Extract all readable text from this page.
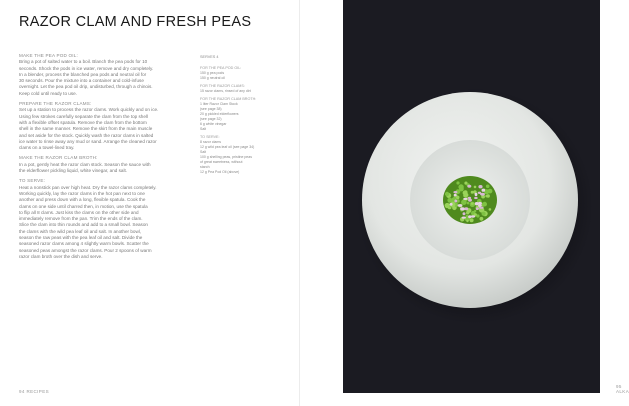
RAZOR CLAM AND FRESH PEAS
MAKE THE PEA POD OIL:
Bring a pot of salted water to a boil. Blanch the pea pods for 10
seconds. Shock the pods in ice water, remove and dry completely.
In a blender, process the blanched pea pods and neutral oil for
30 seconds. Pour the mixture into a container and cold-infuse
overnight. Let the pea pod oil drip, undisturbed, through a chinois.
Keep cold until ready to use.
PREPARE THE RAZOR CLAMS:
Set up a station to process the razor clams. Work quickly and on ice.
Using few strokes carefully separate the clam from the top shell
with a flexible offset spatula. Remove the clam from the bottom
shell in the same manner. Remove the skirt from the main muscle
and set aside for the stock. Quickly wash the razor clams in salted
ice water to rinse away any mud or sand. Arrange the cleaned razor
clams on a towel-lined tray.
MAKE THE RAZOR CLAM BROTH:
In a pot, gently heat the razor clam stock. Season the sauce with
the elderflower pickling liquid, white vinegar, and salt.
TO SERVE:
Heat a nonstick pan over high heat. Dry the razor clams completely.
Working quickly, lay the razor clams in the hot pan next to one
another and press down with a long, flexible spatula. Cook the
clams on one side until charred then, in motion, use the spatula
to flip all 8 clams. Just kiss the clams on the other side and
immediately remove from the pan. Trim the ends of the clam.
Slice the clam into thin rounds and add to a small bowl. Season
the clams with the wild pea leaf oil and salt. In another bowl,
season the raw peas with the pea leaf oil and salt. Divide the
seasoned razor clams among 4 slightly warm bowls. Scatter the
seasoned peas amongst the razor clams. Pour 2 spoons of warm
razor clam broth over the dish and serve.
SERVES 4
FOR THE PEA POD OIL:
150 g pea pods
150 g neutral oil
FOR THE RAZOR CLAMS:
15 razor clams, rinsed of any dirt
FOR THE RAZOR CLAM BROTH:
1 liter Razor Clam Stock
(see page 38)
20 g pickled elderflowers
(see page 32)
6 g white vinegar
Salt
TO SERVE:
8 razor clams
12 g wild pea leaf oil (see page 34)
Salt
100 g shelling peas, pristine peas
of great sweetness, without
starch
12 g Pea Pod Oil (above)
94 RECIPES
95 ALKA
